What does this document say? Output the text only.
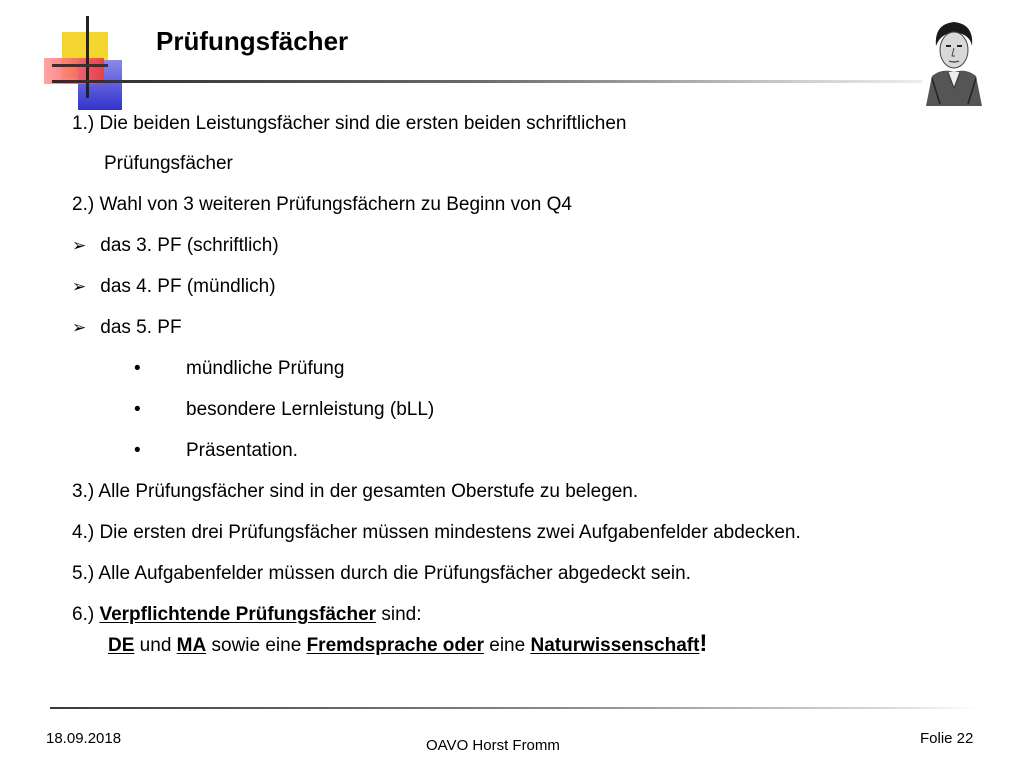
Prüfungsfächer
1.) Die beiden Leistungsfächer sind die ersten beiden schriftlichen
Prüfungsfächer
2.) Wahl von 3 weiteren Prüfungsfächern zu Beginn von Q4
➢ das 3. PF (schriftlich)
➢ das 4. PF (mündlich)
➢ das 5. PF
• mündliche Prüfung
• besondere Lernleistung (bLL)
• Präsentation.
3.) Alle Prüfungsfächer sind in der gesamten Oberstufe zu belegen.
4.) Die ersten drei Prüfungsfächer müssen mindestens zwei Aufgabenfelder abdecken.
5.) Alle Aufgabenfelder müssen durch die Prüfungsfächer abgedeckt sein.
6.) Verpflichtende Prüfungsfächer sind:
DE und MA sowie eine Fremdsprache oder eine Naturwissenschaft!
18.09.2018	OAVO Horst Fromm	Folie 22
